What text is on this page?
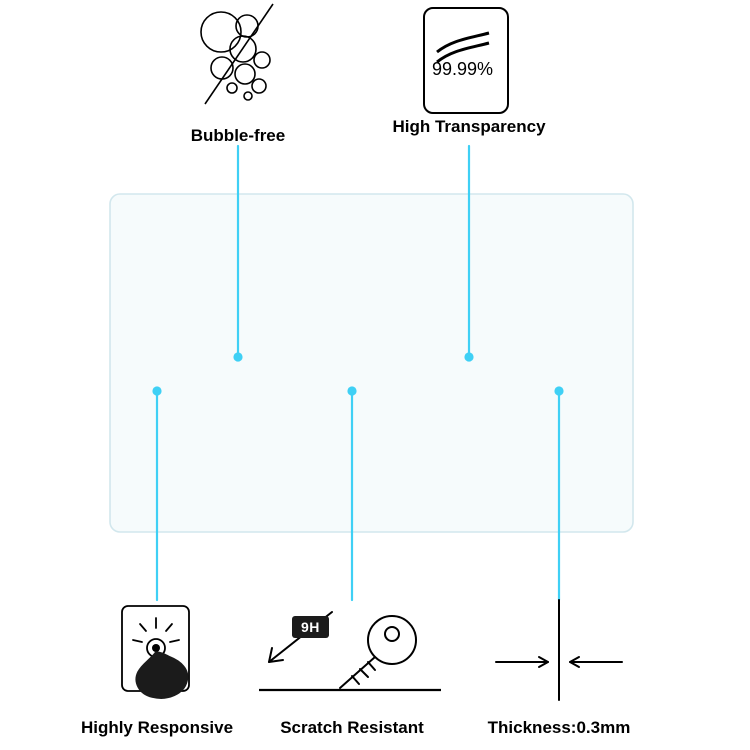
99.99%
9H
Bubble-free	High Transparency
Highly Responsive	Scratch Resistant	Thickness:0.3mm
